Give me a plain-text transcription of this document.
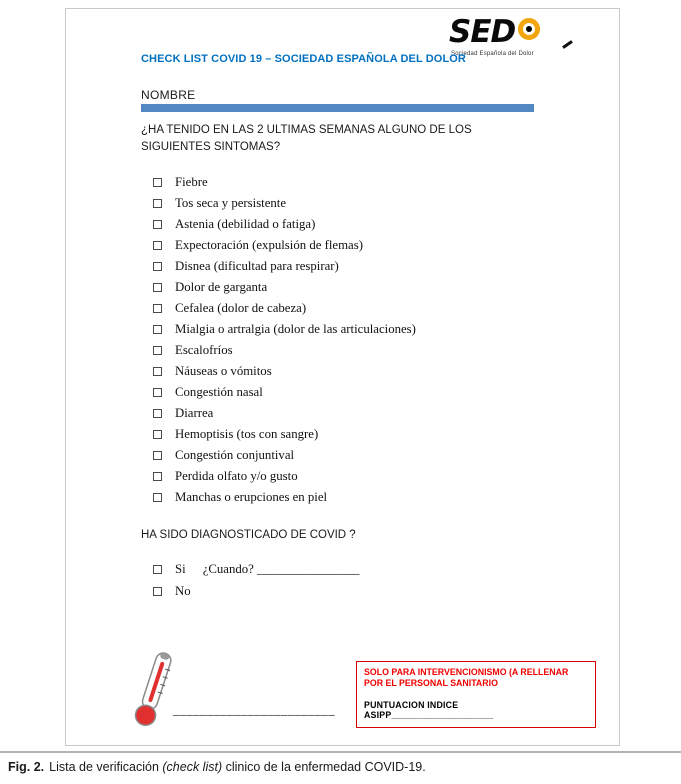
SED
Sociedad Española del Dolor
CHECK LIST COVID 19 – SOCIEDAD ESPAÑOLA DEL DOLOR
NOMBRE
¿HA TENIDO EN LAS 2 ULTIMAS SEMANAS ALGUNO DE LOS SIGUIENTES SINTOMAS?
Fiebre
Tos seca y persistente
Astenia (debilidad o fatiga)
Expectoración (expulsión de flemas)
Disnea (dificultad para respirar)
Dolor de garganta
Cefalea (dolor de cabeza)
Mialgia o artralgia (dolor de las articulaciones)
Escalofríos
Náuseas o vómitos
Congestión nasal
Diarrea
Hemoptisis (tos con sangre)
Congestión conjuntival
Perdida olfato y/o gusto
Manchas o erupciones en piel
HA SIDO DIAGNOSTICADO DE COVID ?
Si ¿Cuando? ________________
No
________________________
SOLO PARA INTERVENCIONISMO (A RELLENAR POR EL PERSONAL SANITARIO
PUNTUACION INDICE ASIPP____________________
Fig. 2. Lista de verificación (check list) clinico de la enfermedad COVID-19.
